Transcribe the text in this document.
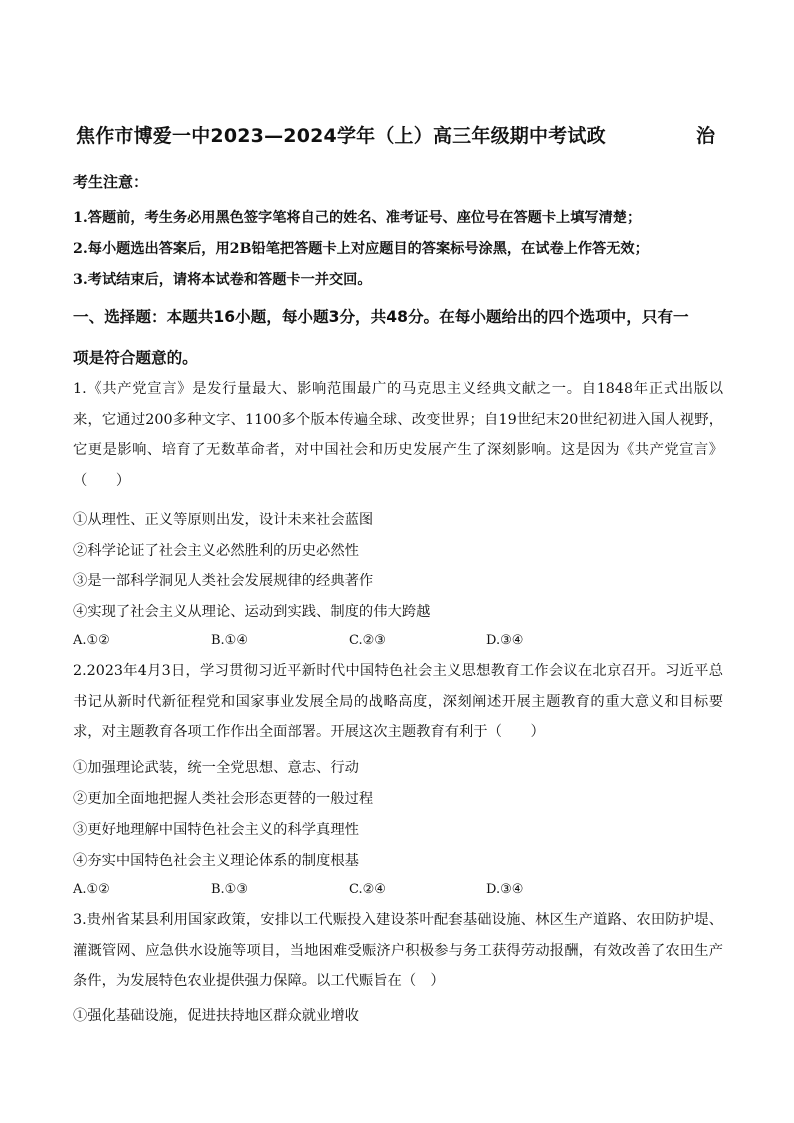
焦作市博爱一中2023—2024学年（上）高三年级期中考试政	治
考生注意：
1.答题前，考生务必用黑色签字笔将自己的姓名、准考证号、座位号在答题卡上填写清楚；
2.每小题选出答案后，用2B铅笔把答题卡上对应题目的答案标号涂黑，在试卷上作答无效；
3.考试结束后，请将本试卷和答题卡一并交回。
一、选择题：本题共16小题，每小题3分，共48分。在每小题给出的四个选项中，只有一
项是符合题意的。
1.《共产党宣言》是发行量最大、影响范围最广的马克思主义经典文献之一。自1848年正式出版以来，它通过200多种文字、1100多个版本传遍全球、改变世界；自19世纪末20世纪初进入国人视野，它更是影响、培育了无数革命者，对中国社会和历史发展产生了深刻影响。这是因为《共产党宣言》（　　）
①从理性、正义等原则出发，设计未来社会蓝图
②科学论证了社会主义必然胜利的历史必然性
③是一部科学洞见人类社会发展规律的经典著作
④实现了社会主义从理论、运动到实践、制度的伟大跨越
A.①②	B.①④	C.②③	D.③④
2.2023年4月3日，学习贯彻习近平新时代中国特色社会主义思想教育工作会议在北京召开。习近平总书记从新时代新征程党和国家事业发展全局的战略高度，深刻阐述开展主题教育的重大意义和目标要求，对主题教育各项工作作出全面部署。开展这次主题教育有利于（　　）
①加强理论武装，统一全党思想、意志、行动
②更加全面地把握人类社会形态更替的一般过程
③更好地理解中国特色社会主义的科学真理性
④夯实中国特色社会主义理论体系的制度根基
A.①②	B.①③	C.②④	D.③④
3.贵州省某县利用国家政策，安排以工代赈投入建设茶叶配套基础设施、林区生产道路、农田防护堤、灌溉管网、应急供水设施等项目，当地困难受赈济户积极参与务工获得劳动报酬，有效改善了农田生产条件，为发展特色农业提供强力保障。以工代赈旨在（　）
①强化基础设施，促进扶持地区群众就业增收
